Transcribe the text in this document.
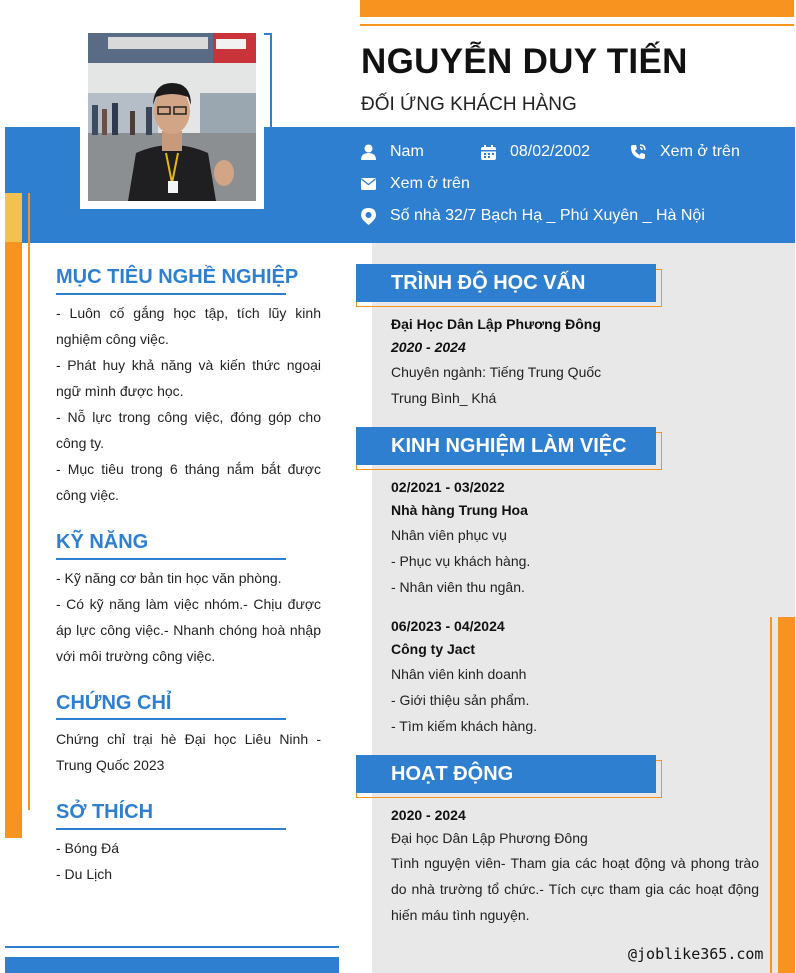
NGUYỄN DUY TIẾN
ĐỐI ỨNG KHÁCH HÀNG
Nam	08/02/2002	Xem ở trên
Xem ở trên
Số nhà 32/7 Bạch Hạ _ Phú Xuyên _ Hà Nội
MỤC TIÊU NGHỀ NGHIỆP

- Luôn cố gắng học tập, tích lũy kinh nghiệm công việc.

- Phát huy khả năng và kiến thức ngoại ngữ mình được học.

- Nỗ lực trong công việc, đóng góp cho công ty.

- Mục tiêu trong 6 tháng nắm bắt được công việc.

KỸ NĂNG

- Kỹ năng cơ bản tin học văn phòng.

- Có kỹ năng làm việc nhóm.- Chịu được áp lực công việc.- Nhanh chóng hoà nhập với môi trường công việc.

CHỨNG CHỈ

Chứng chỉ trại hè Đại học Liêu Ninh - Trung Quốc 2023

SỞ THÍCH

- Bóng Đá

- Du Lịch

TRÌNH ĐỘ HỌC VẤN
Đại Học Dân Lập Phương Đông
2020 - 2024
Chuyên ngành: Tiếng Trung Quốc
Trung Bình_ Khá
KINH NGHIỆM LÀM VIỆC
02/2021 - 03/2022
Nhà hàng Trung Hoa
Nhân viên phục vụ
- Phục vụ khách hàng.
- Nhân viên thu ngân.
06/2023 - 04/2024
Công ty Jact
Nhân viên kinh doanh
- Giới thiệu sản phẩm.
- Tìm kiếm khách hàng.
HOẠT ĐỘNG
2020 - 2024
Đại học Dân Lập Phương Đông
Tình nguyện viên- Tham gia các hoạt động và phong trào do nhà trường tổ chức.- Tích cực tham gia các hoạt động hiến máu tình nguyện.
@joblike365.com
